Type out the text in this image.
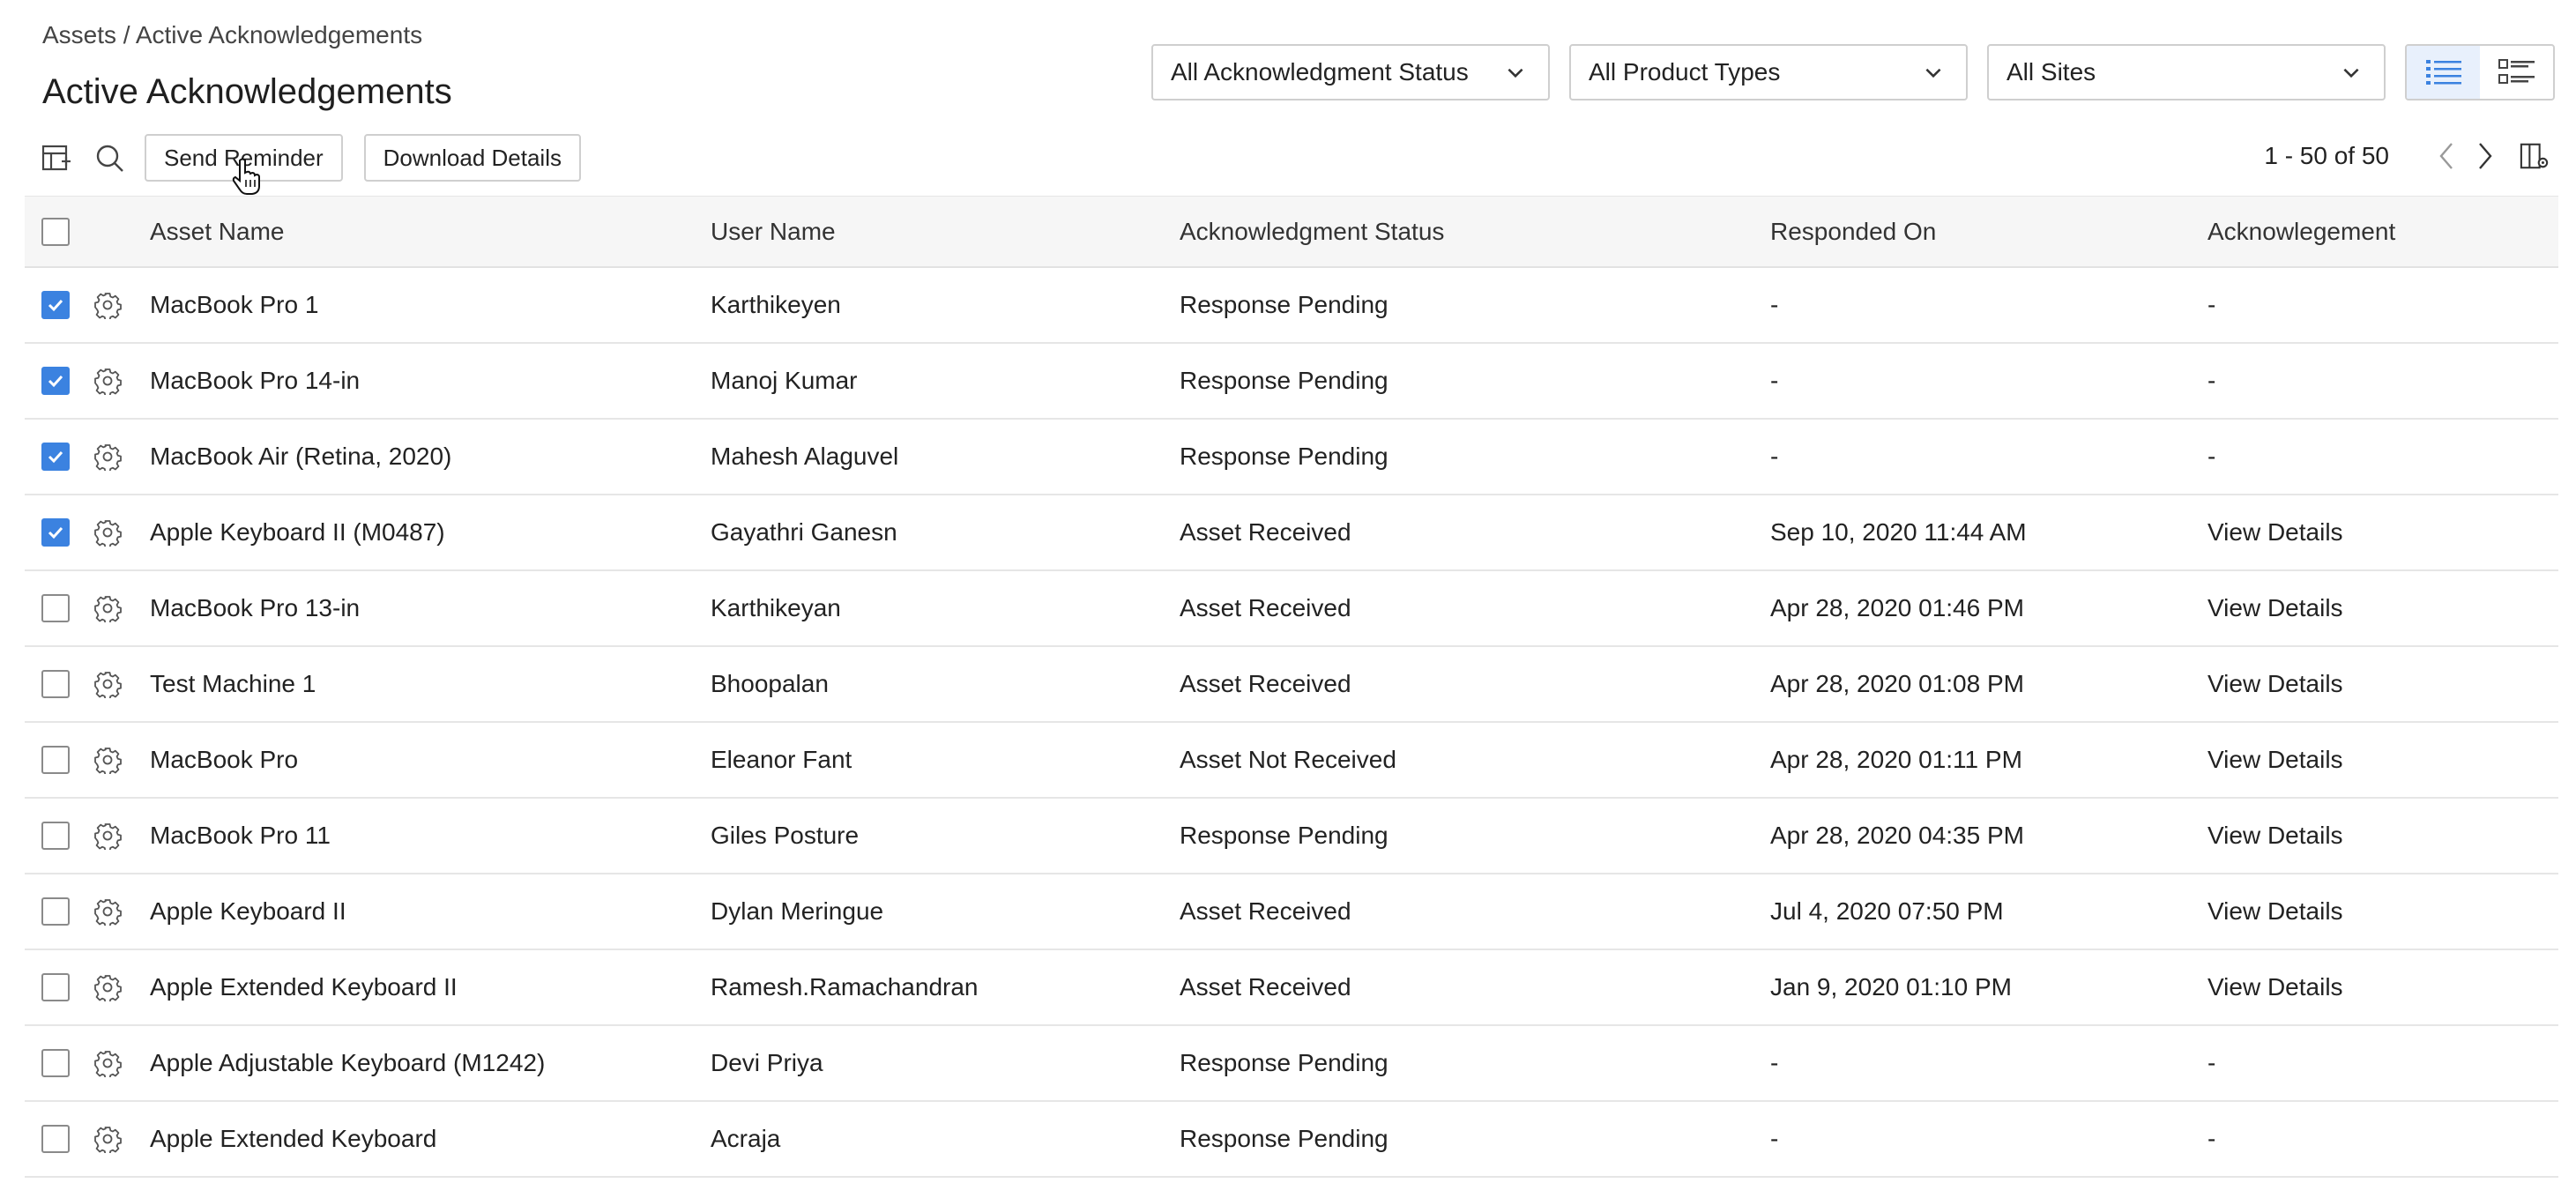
Assets / Active Acknowledgements
Active Acknowledgements
All Acknowledgment Status	All Product Types	All Sites
Send Reminder	Download Details	1 - 50 of 50
Asset Name	User Name	Acknowledgment Status	Responded On	Acknowlegement
MacBook Pro 1	Karthikeyen	Response Pending	-	-
MacBook Pro 14-in	Manoj Kumar	Response Pending	-	-
MacBook Air (Retina, 2020)	Mahesh Alaguvel	Response Pending	-	-
Apple Keyboard II (M0487)	Gayathri Ganesn	Asset Received	Sep 10, 2020 11:44 AM	View Details
MacBook Pro 13-in	Karthikeyan	Asset Received	Apr 28, 2020 01:46 PM	View Details
Test Machine 1	Bhoopalan	Asset Received	Apr 28, 2020 01:08 PM	View Details
MacBook Pro	Eleanor Fant	Asset Not Received	Apr 28, 2020 01:11 PM	View Details
MacBook Pro 11	Giles Posture	Response Pending	Apr 28, 2020 04:35 PM	View Details
Apple Keyboard II	Dylan Meringue	Asset Received	Jul 4, 2020 07:50 PM	View Details
Apple Extended Keyboard II	Ramesh.Ramachandran	Asset Received	Jan 9, 2020 01:10 PM	View Details
Apple Adjustable Keyboard (M1242)	Devi Priya	Response Pending	-	-
Apple Extended Keyboard	Acraja	Response Pending	-	-
